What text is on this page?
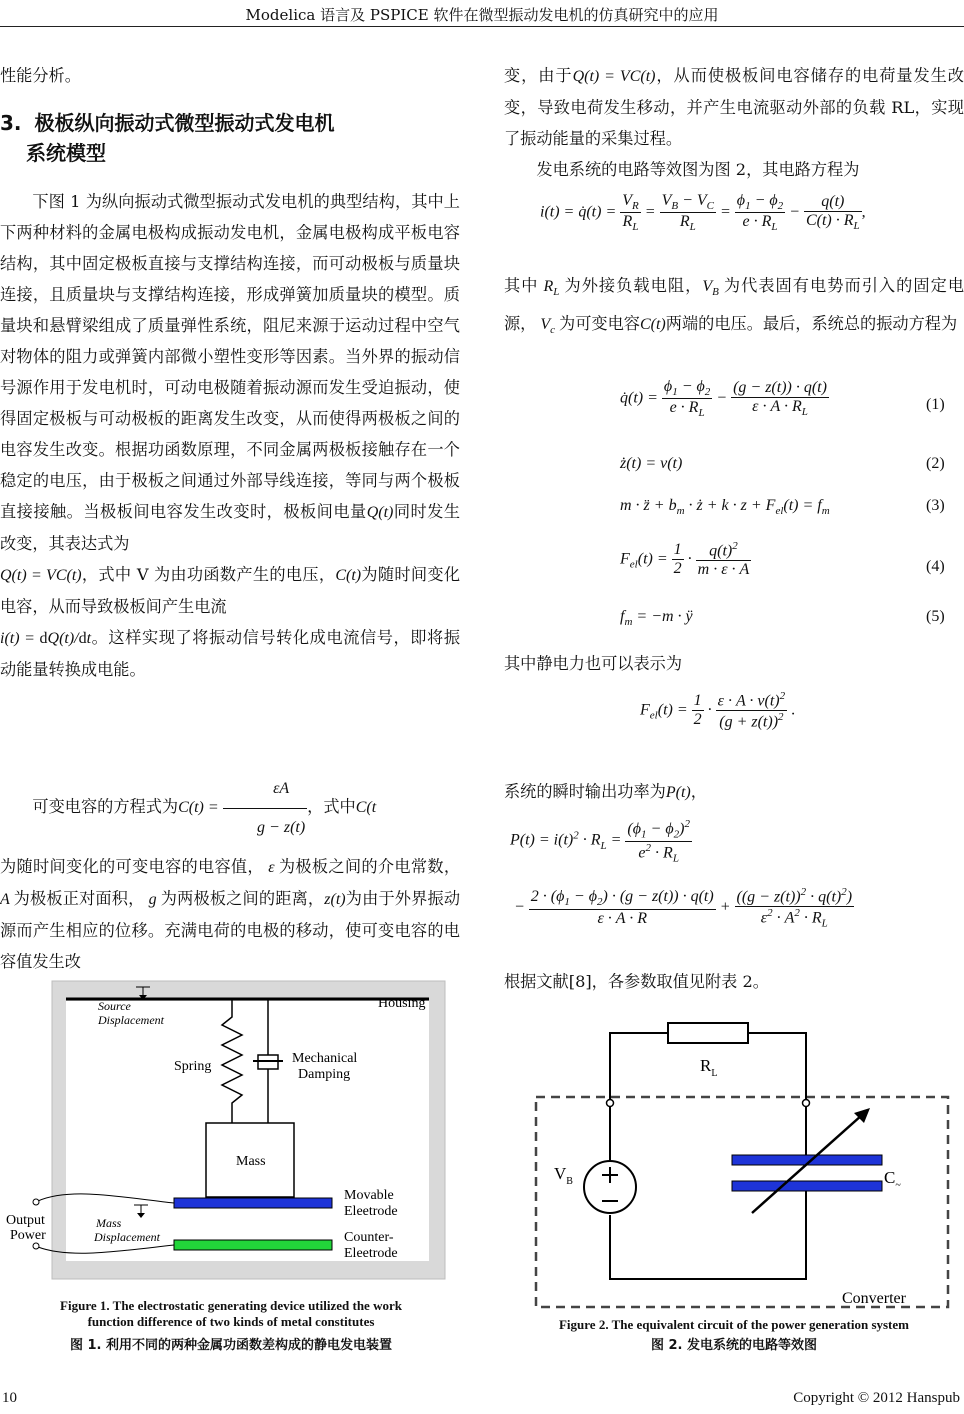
Modelica 语言及 PSPICE 软件在微型振动发电机的仿真研究中的应用

性能分析。

3. 极板纵向振动式微型振动式发电机
系统模型

下图 1 为纵向振动式微型振动式发电机的典型结构，其中上下两种材料的金属电极构成振动发电机，金属电极构成平板电容结构，其中固定极板直接与支撑结构连接，而可动极板与质量块连接，且质量块与支撑结构连接，形成弹簧加质量块的模型。质量块和悬臂梁组成了质量弹性系统，阻尼来源于运动过程中空气对物体的阻力或弹簧内部微小塑性变形等因素。当外界的振动信号源作用于发电机时，可动电极随着振动源而发生受迫振动，使得固定极板与可动极板的距离发生改变，从而使得两极板之间的电容发生改变。根据功函数原理，不同金属两极板接触存在一个稳定的电压，由于极板之间通过外部导线连接，等同与两个极板直接接触。当极板间电容发生改变时，极板间电量Q(t)同时发生改变，其表达式为
Q(t) = VC(t)，式中 V 为由功函数产生的电压，C(t)为随时间变化电容，从而导致极板间产生电流
i(t) = dQ(t)/dt。这样实现了将振动信号转化成电流信号，即将振动能量转换成电能。

可变电容的方程式为$C(t) = \frac{\varepsilon A}{g - z(t)}$ ，式中C(t

为随时间变化的可变电容的电容值， ε 为极板之间的介电常数，A 为极板正对面积， g 为两极板之间的距离，z(t)为由于外界振动源而产生相应的位移。充满电荷的电极的移动，使可变电容的电容值发生改

Source
Displacement
Housing
Spring
Mechanical
Damping
Mass
Movable
Eleetrode
Counter-
Eleetrode
Mass
Displacement
Output
Power
Figure 1. The electrostatic generating device utilized the work
function difference of two kinds of metal constitutes
图 1. 利用不同的两种金属功函数差构成的静电发电装置

变，由于Q(t) = VC(t)，从而使极板间电容储存的电荷量发生改变，导致电荷发生移动，并产生电流驱动外部的负载 RL，实现了振动能量的采集过程。

发电系统的电路等效图为图 2，其电路方程为

i(t) = q̇(t) = $\frac{V_R}{R_L} = \frac{V_B - V_C}{R_L} = \frac{\phi_1 - \phi_2}{e \cdot R_L} - \frac{q(t)}{C(t) \cdot R_L}$ ,

其中 $R_L$ 为外接负载电阻，$V_B$ 为代表固有电势而引入的固定电源， $V_c$ 为可变电容C(t)两端的电压。最后，系统总的振动方程为

q̇(t) = $\frac{\phi_1 - \phi_2}{e \cdot R_L} - \frac{(g - z(t)) \cdot q(t)}{\varepsilon \cdot A \cdot R_L}$	(1)
ż(t) = v(t)	(2)
m · z̈ + $b_m$ · ż + $k \cdot z + F_{el}(t) = f_m$	(3)
$F_{el}(t) = \frac{1}{2} \cdot \frac{q(t)^2}{m \cdot \varepsilon \cdot A}$	(4)
$f_m = -m$ · ÿ	(5)

其中静电力也可以表示为

$F_{el}(t) = \frac{1}{2} \cdot \frac{\varepsilon \cdot A \cdot v(t)^2}{(g + z(t))^2}$ .

系统的瞬时输出功率为P(t)，

$P(t) = i(t)^2 \cdot R_L = \frac{(\phi_1 - \phi_2)^2}{e^2 \cdot R_L}$
− $\frac{2 \cdot (\phi_1 - \phi_2) \cdot (g - z(t)) \cdot q(t)}{\varepsilon \cdot A \cdot R} + \frac{((g - z(t))^2 \cdot q(t)^2)}{\varepsilon^2 \cdot A^2 \cdot R_L}$

根据文献[8]，各参数取值见附表 2。

$R_L$
$V_B$	$C_\sim$
Converter
Figure 2. The equivalent circuit of the power generation system
图 2. 发电系统的电路等效图
10	Copyright © 2012 Hanspub
